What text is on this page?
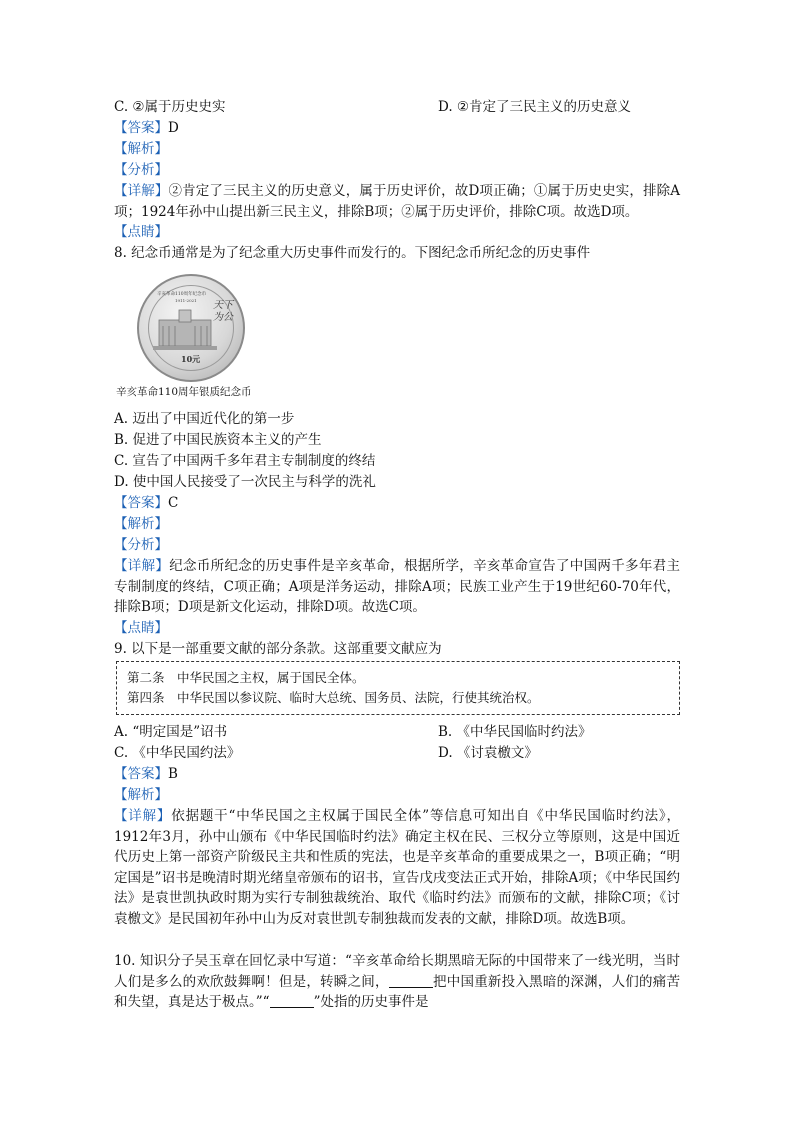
C. ②属于历史史实	D. ②肯定了三民主义的历史意义
【答案】D
【解析】
【分析】
【详解】②肯定了三民主义的历史意义，属于历史评价，故D项正确；①属于历史史实，排除A项；1924年孙中山提出新三民主义，排除B项；②属于历史评价，排除C项。故选D项。
【点睛】
8. 纪念币通常是为了纪念重大历史事件而发行的。下图纪念币所纪念的历史事件
辛亥革命110周年纪念币
1911-2021 天下为公
10元
辛亥革命110周年银质纪念币
A. 迈出了中国近代化的第一步
B. 促进了中国民族资本主义的产生
C. 宣告了中国两千多年君主专制制度的终结
D. 使中国人民接受了一次民主与科学的洗礼
【答案】C
【解析】
【分析】
【详解】纪念币所纪念的历史事件是辛亥革命，根据所学，辛亥革命宣告了中国两千多年君主专制制度的终结，C项正确；A项是洋务运动，排除A项；民族工业产生于19世纪60-70年代，排除B项；D项是新文化运动，排除D项。故选C项。
【点睛】
9. 以下是一部重要文献的部分条款。这部重要文献应为
第二条　中华民国之主权，属于国民全体。
第四条　中华民国以参议院、临时大总统、国务员、法院，行使其统治权。
A. “明定国是”诏书	B. 《中华民国临时约法》
C. 《中华民国约法》	D. 《讨袁檄文》
【答案】B
【解析】
【详解】依据题干“中华民国之主权属于国民全体”等信息可知出自《中华民国临时约法》，1912年3月，孙中山颁布《中华民国临时约法》确定主权在民、三权分立等原则，这是中国近代历史上第一部资产阶级民主共和性质的宪法，也是辛亥革命的重要成果之一，B项正确；“明定国是”诏书是晚清时期光绪皇帝颁布的诏书，宣告戊戌变法正式开始，排除A项；《中华民国约法》是袁世凯执政时期为实行专制独裁统治、取代《临时约法》而颁布的文献，排除C项；《讨袁檄文》是民国初年孙中山为反对袁世凯专制独裁而发表的文献，排除D项。故选B项。
10. 知识分子吴玉章在回忆录中写道：“辛亥革命给长期黑暗无际的中国带来了一线光明，当时人们是多么的欢欣鼓舞啊！但是，转瞬之间，	把中国重新投入黑暗的深渊，人们的痛苦和失望，真是达于极点。”“	”处指的历史事件是
